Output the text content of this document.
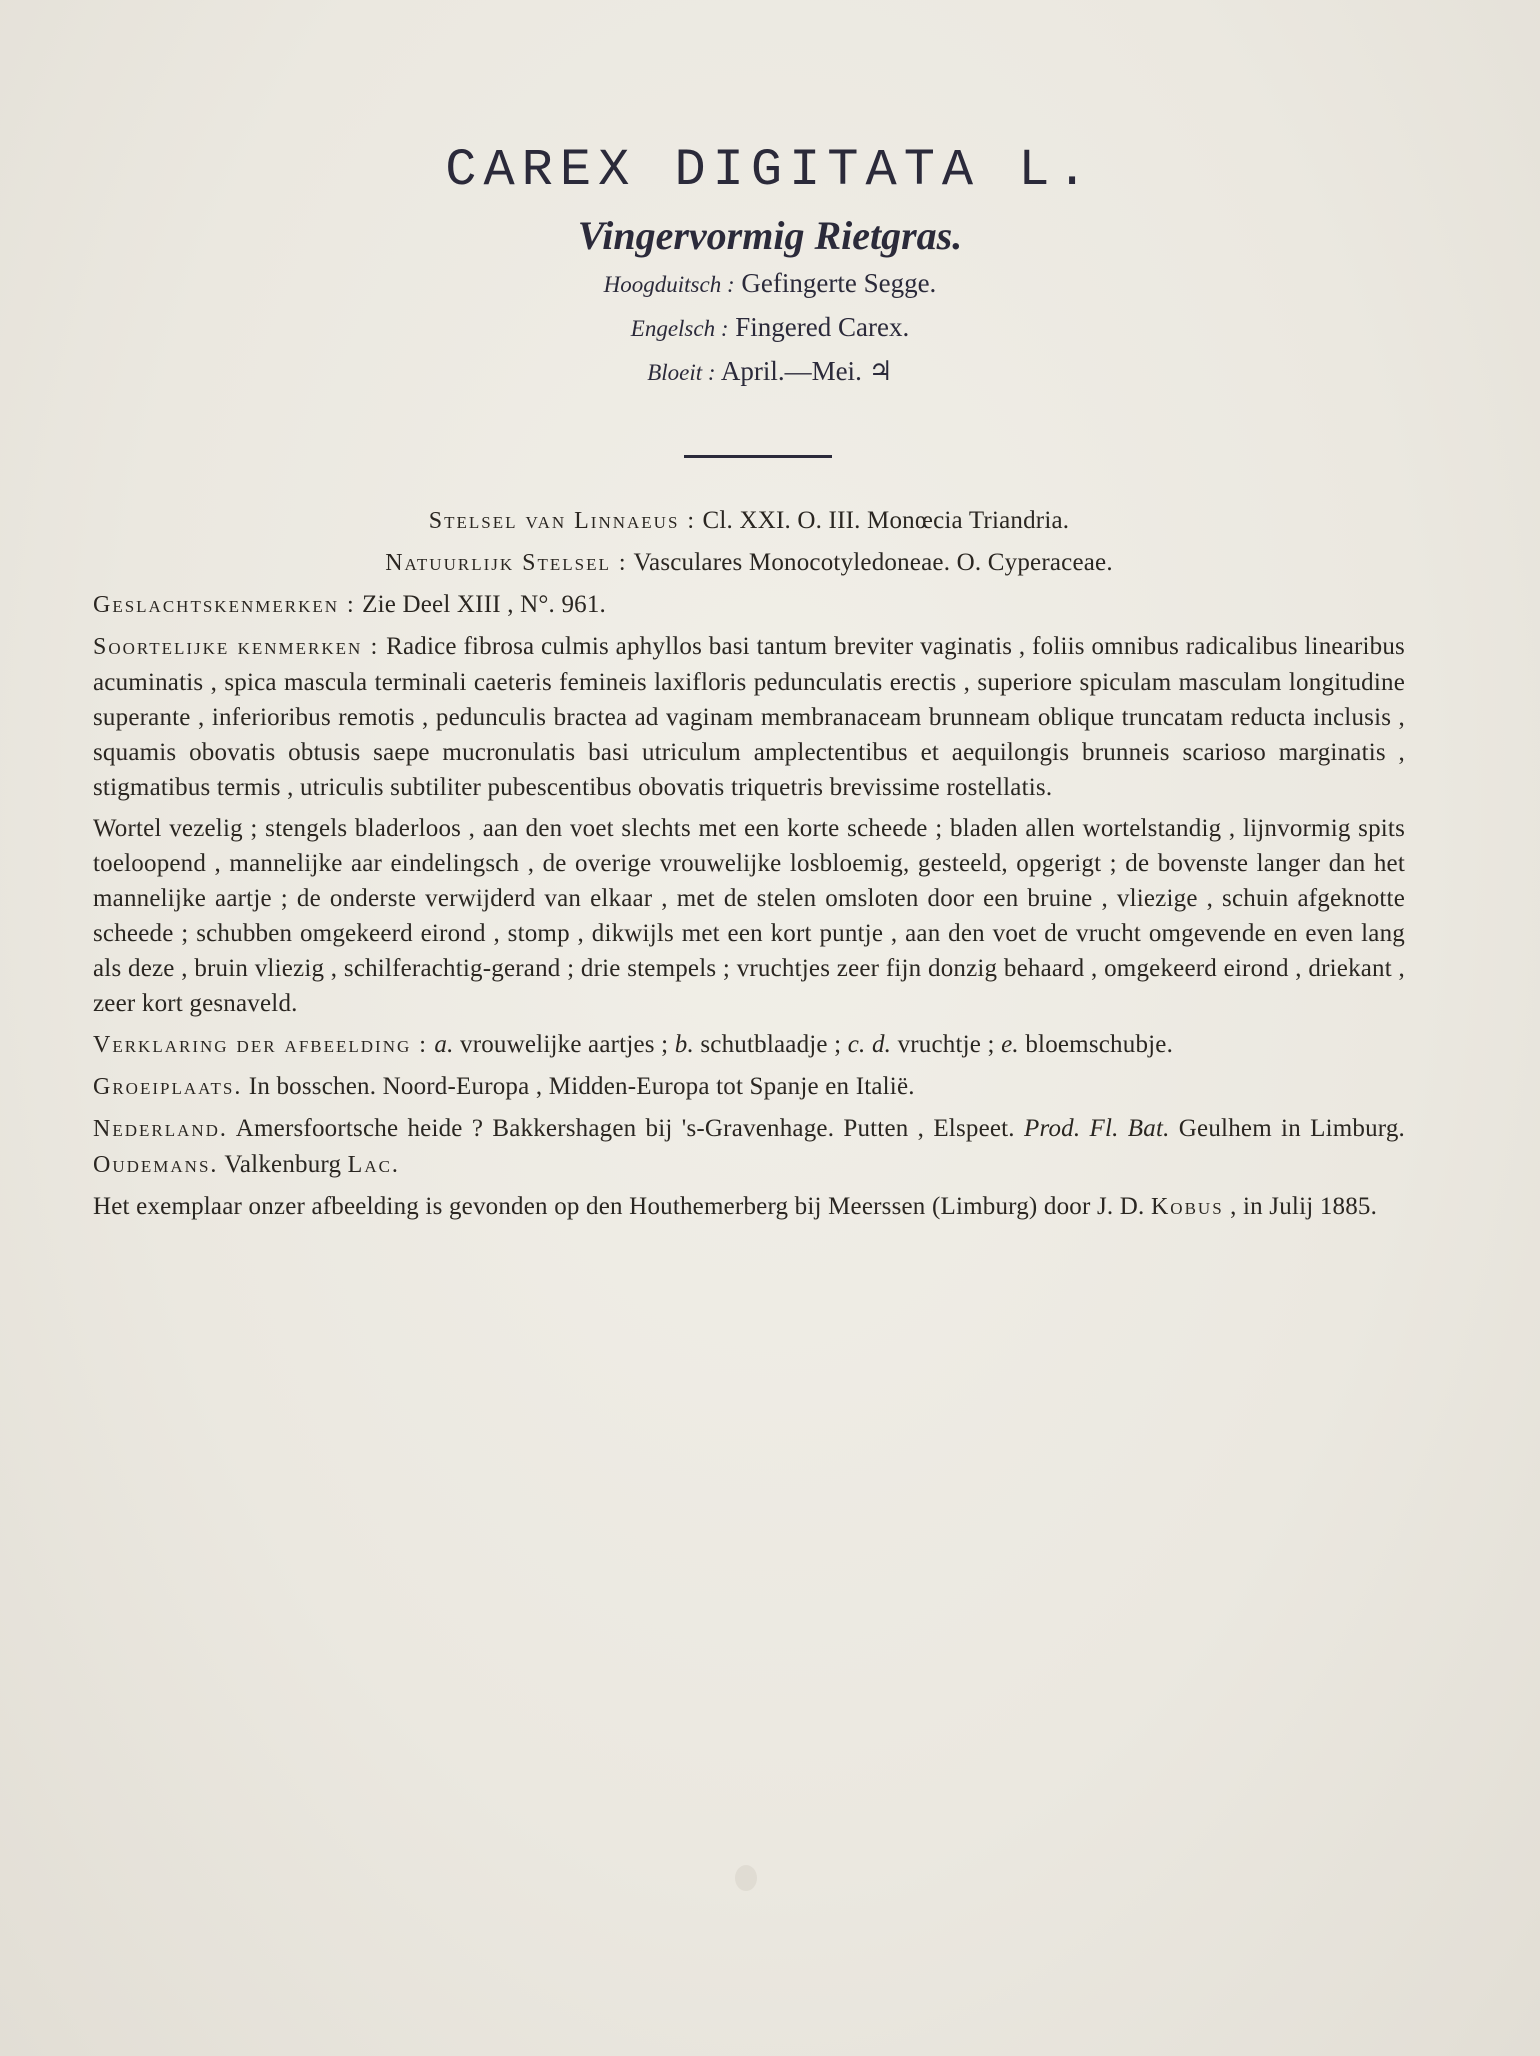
CAREX DIGITATA L.
Vingervormig Rietgras.
Hoogduitsch : Gefingerte Segge.
Engelsch : Fingered Carex.
Bloeit : April.—Mei. ♃

Stelsel van Linnaeus : Cl. XXI. O. III. Monœcia Triandria.

Natuurlijk Stelsel : Vasculares Monocotyledoneae. O. Cyperaceae.

Geslachtskenmerken : Zie Deel XIII , N°. 961.

Soortelijke kenmerken : Radice fibrosa culmis aphyllos basi tantum breviter vaginatis , foliis omnibus radicalibus linearibus acuminatis , spica mascula terminali caeteris femineis laxifloris pedunculatis erectis , superiore spiculam masculam longitudine superante , inferioribus remotis , pedunculis bractea ad vaginam membranaceam brunneam oblique truncatam reducta inclusis , squamis obovatis obtusis saepe mucronulatis basi utriculum amplectentibus et aequilongis brunneis scarioso marginatis , stigmatibus termis , utriculis subtiliter pubescentibus obovatis triquetris brevissime rostellatis.

Wortel vezelig ; stengels bladerloos , aan den voet slechts met een korte scheede ; bladen allen wortelstandig , lijnvormig spits toeloopend , mannelijke aar eindelingsch , de overige vrouwelijke losbloemig, gesteeld, opgerigt ; de bovenste langer dan het mannelijke aartje ; de onderste verwijderd van elkaar , met de stelen omsloten door een bruine , vliezige , schuin afgeknotte scheede ; schubben omgekeerd eirond , stomp , dikwijls met een kort puntje , aan den voet de vrucht omgevende en even lang als deze , bruin vliezig , schilferachtig-gerand ; drie stempels ; vruchtjes zeer fijn donzig behaard , omgekeerd eirond , driekant , zeer kort gesnaveld.

Verklaring der afbeelding : a. vrouwelijke aartjes ; b. schutblaadje ; c. d. vruchtje ; e. bloemschubje.

Groeiplaats. In bosschen. Noord-Europa , Midden-Europa tot Spanje en Italië.

Nederland. Amersfoortsche heide ? Bakkershagen bij 's-Gravenhage. Putten , Elspeet. Prod. Fl. Bat. Geulhem in Limburg. Oudemans. Valkenburg Lac.

Het exemplaar onzer afbeelding is gevonden op den Houthemerberg bij Meerssen (Limburg) door J. D. Kobus , in Julij 1885.
